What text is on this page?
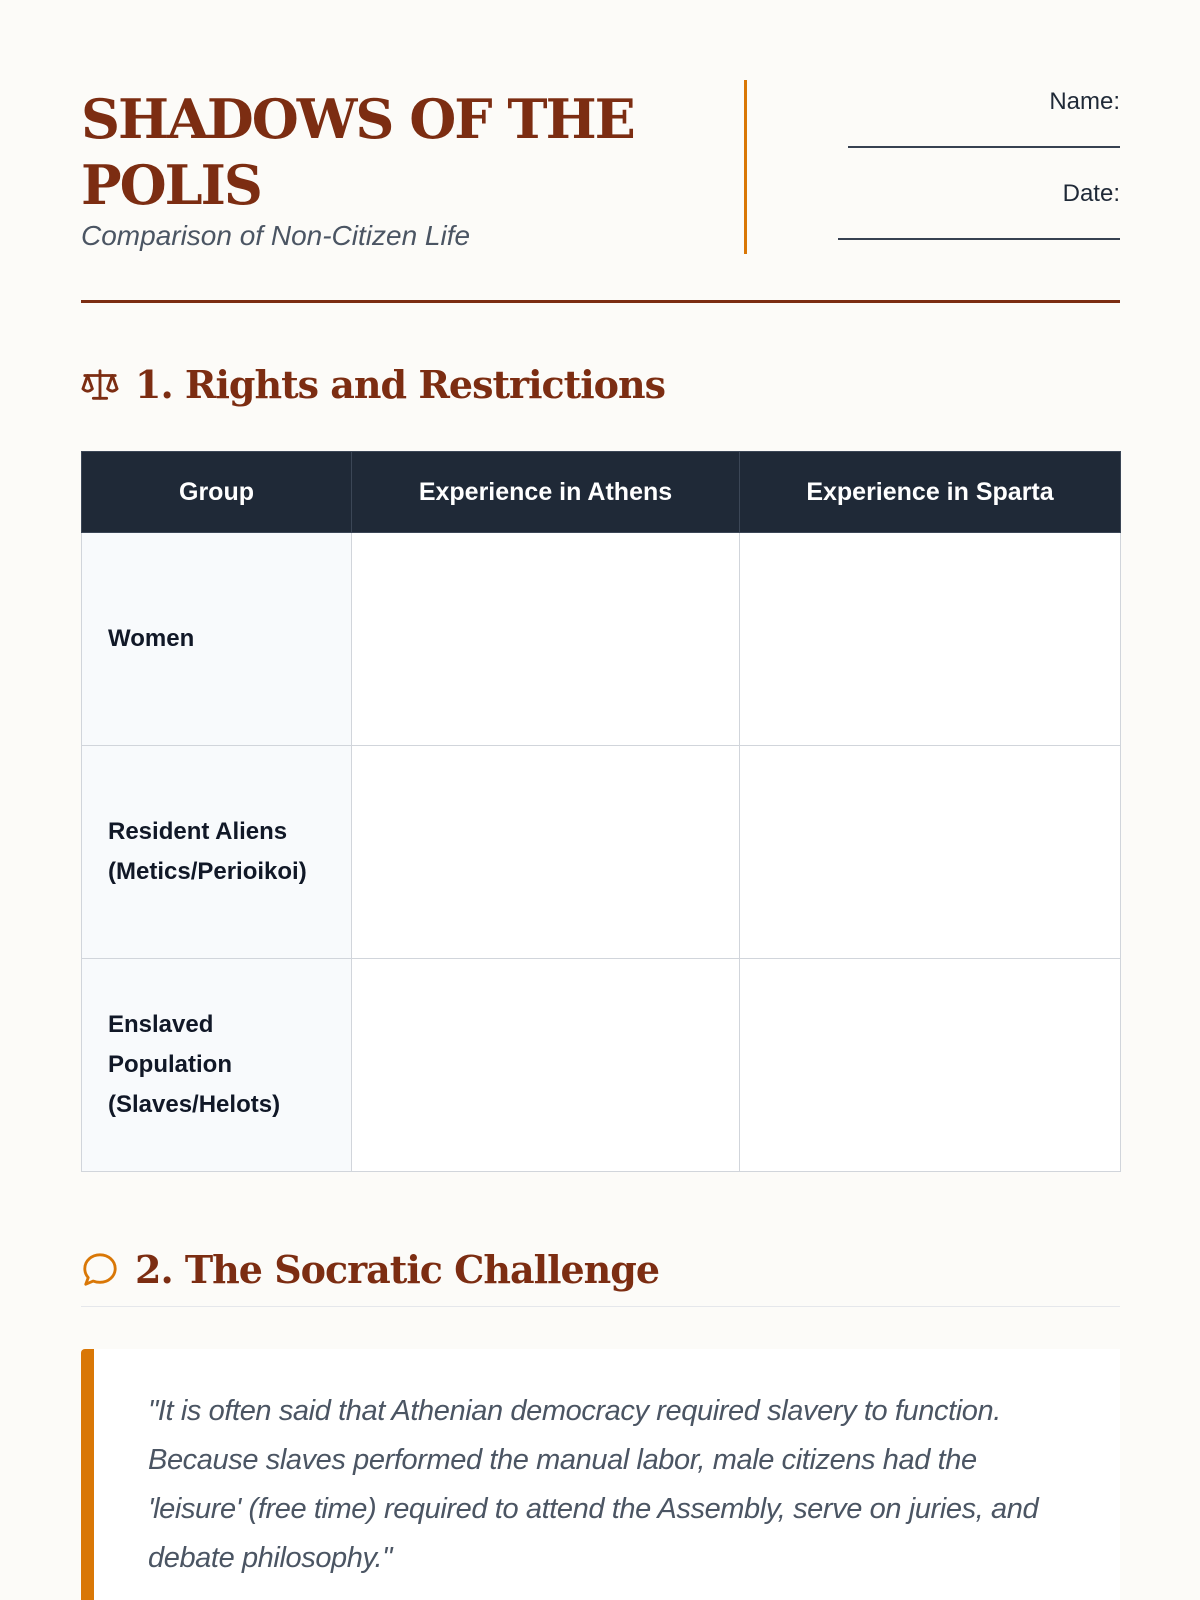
SHADOWS OF THE POLIS
Comparison of Non-Citizen Life
Name:
Date:
1. Rights and Restrictions
Group	Experience in Athens	Experience in Sparta
Women		
Resident Aliens (Metics/Perioikoi)		
Enslaved Population (Slaves/Helots)		
2. The Socratic Challenge

"It is often said that Athenian democracy required slavery to function. Because slaves performed the manual labor, male citizens had the 'leisure' (free time) required to attend the Assembly, serve on juries, and debate philosophy."
